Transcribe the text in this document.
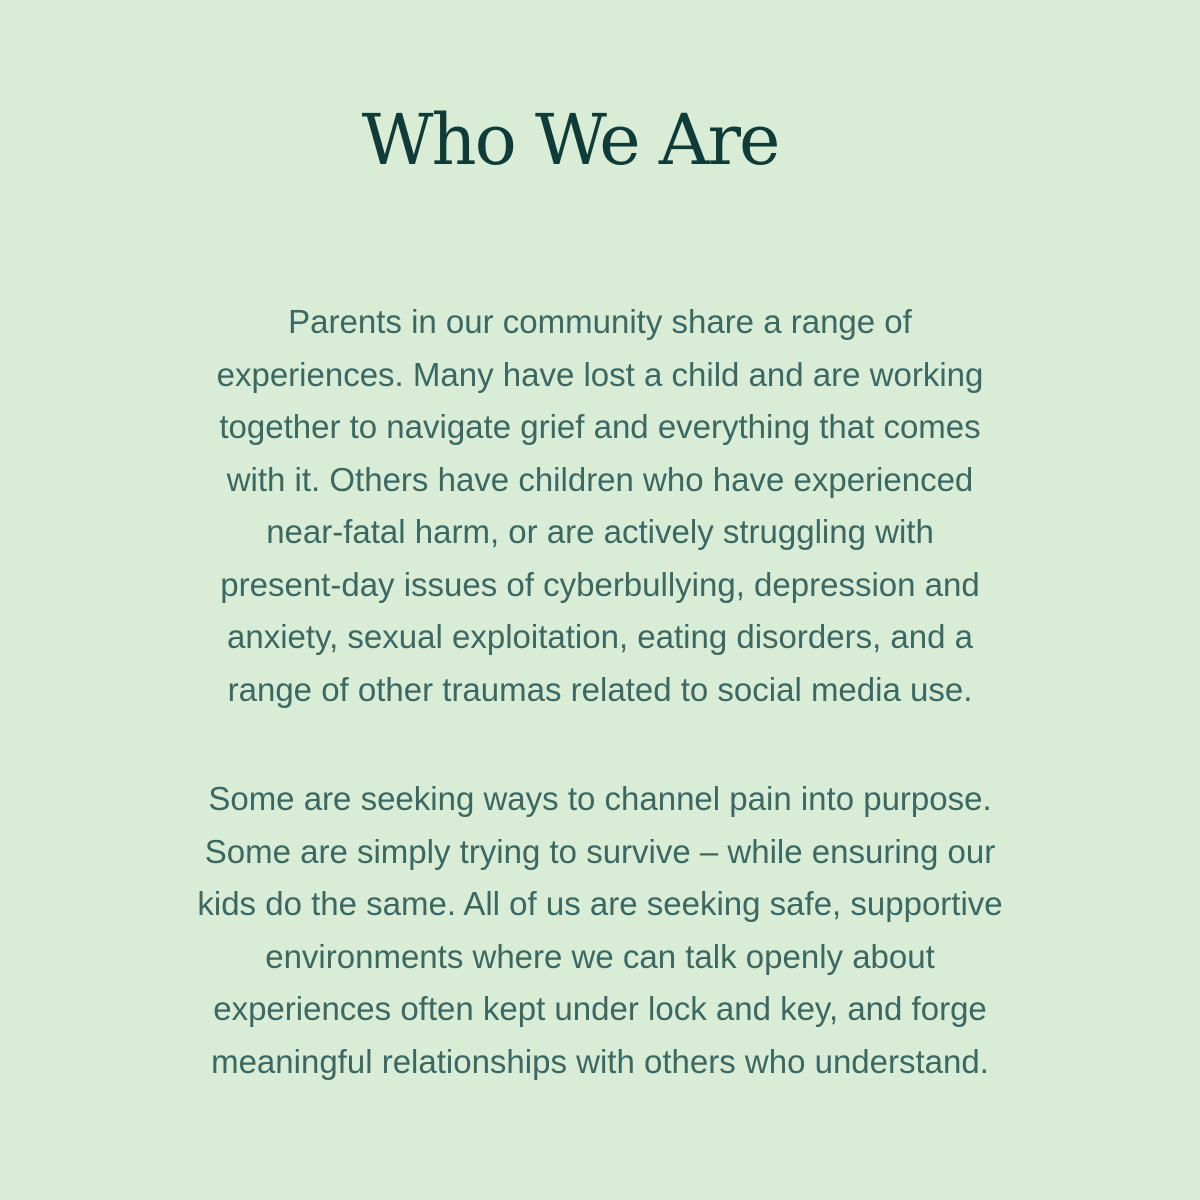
Who We Are
Parents in our community share a range of
experiences. Many have lost a child and are working
together to navigate grief and everything that comes
with it. Others have children who have experienced
near-fatal harm, or are actively struggling with
present-day issues of cyberbullying, depression and
anxiety, sexual exploitation, eating disorders, and a
range of other traumas related to social media use.
Some are seeking ways to channel pain into purpose.
Some are simply trying to survive – while ensuring our
kids do the same. All of us are seeking safe, supportive
environments where we can talk openly about
experiences often kept under lock and key, and forge
meaningful relationships with others who understand.
